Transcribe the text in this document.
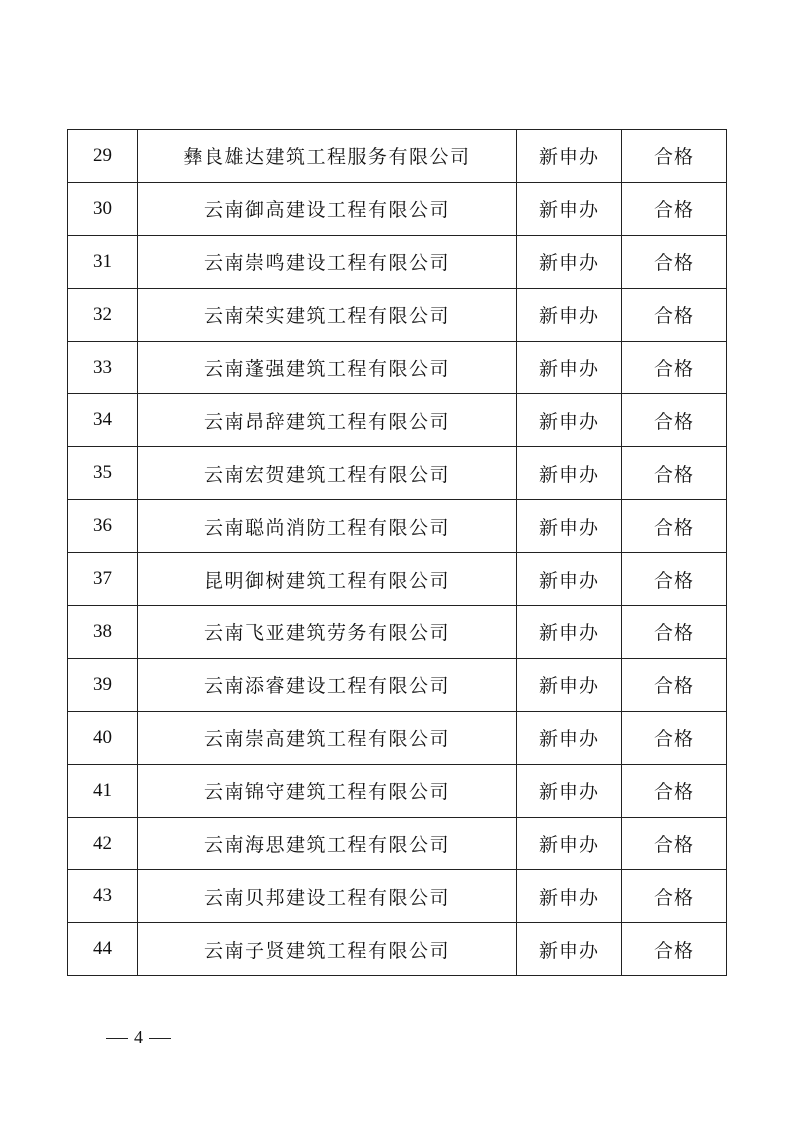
29	彝良雄达建筑工程服务有限公司	新申办	合格
30	云南御高建设工程有限公司	新申办	合格
31	云南崇鸣建设工程有限公司	新申办	合格
32	云南荣实建筑工程有限公司	新申办	合格
33	云南蓬强建筑工程有限公司	新申办	合格
34	云南昂辞建筑工程有限公司	新申办	合格
35	云南宏贺建筑工程有限公司	新申办	合格
36	云南聪尚消防工程有限公司	新申办	合格
37	昆明御树建筑工程有限公司	新申办	合格
38	云南飞亚建筑劳务有限公司	新申办	合格
39	云南添睿建设工程有限公司	新申办	合格
40	云南崇高建筑工程有限公司	新申办	合格
41	云南锦守建筑工程有限公司	新申办	合格
42	云南海思建筑工程有限公司	新申办	合格
43	云南贝邦建设工程有限公司	新申办	合格
44	云南子贤建筑工程有限公司	新申办	合格
4
